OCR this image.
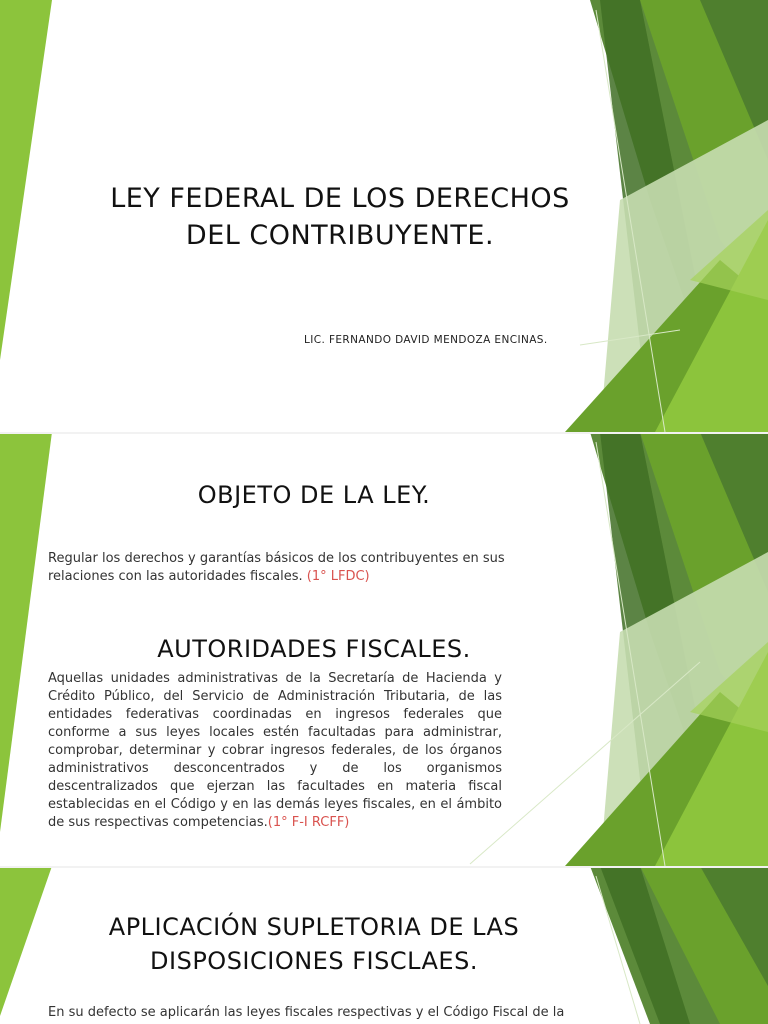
LEY FEDERAL DE LOS DERECHOS
DEL CONTRIBUYENTE.
LIC. FERNANDO DAVID MENDOZA ENCINAS.
OBJETO DE LA LEY.
Regular los derechos y garantías básicos de los contribuyentes en sus relaciones con las autoridades fiscales. (1° LFDC)
AUTORIDADES FISCALES.
Aquellas unidades administrativas de la Secretaría de Hacienda y Crédito Público, del Servicio de Administración Tributaria, de las entidades federativas coordinadas en ingresos federales que conforme a sus leyes locales estén facultadas para administrar, comprobar, determinar y cobrar ingresos federales, de los órganos administrativos desconcentrados y de los organismos descentralizados que ejerzan las facultades en materia fiscal establecidas en el Código y en las demás leyes fiscales, en el ámbito de sus respectivas competencias.(1° F-I RCFF)
APLICACIÓN SUPLETORIA DE LAS
DISPOSICIONES FISCLAES.
En su defecto se aplicarán las leyes fiscales respectivas y el Código Fiscal de la
